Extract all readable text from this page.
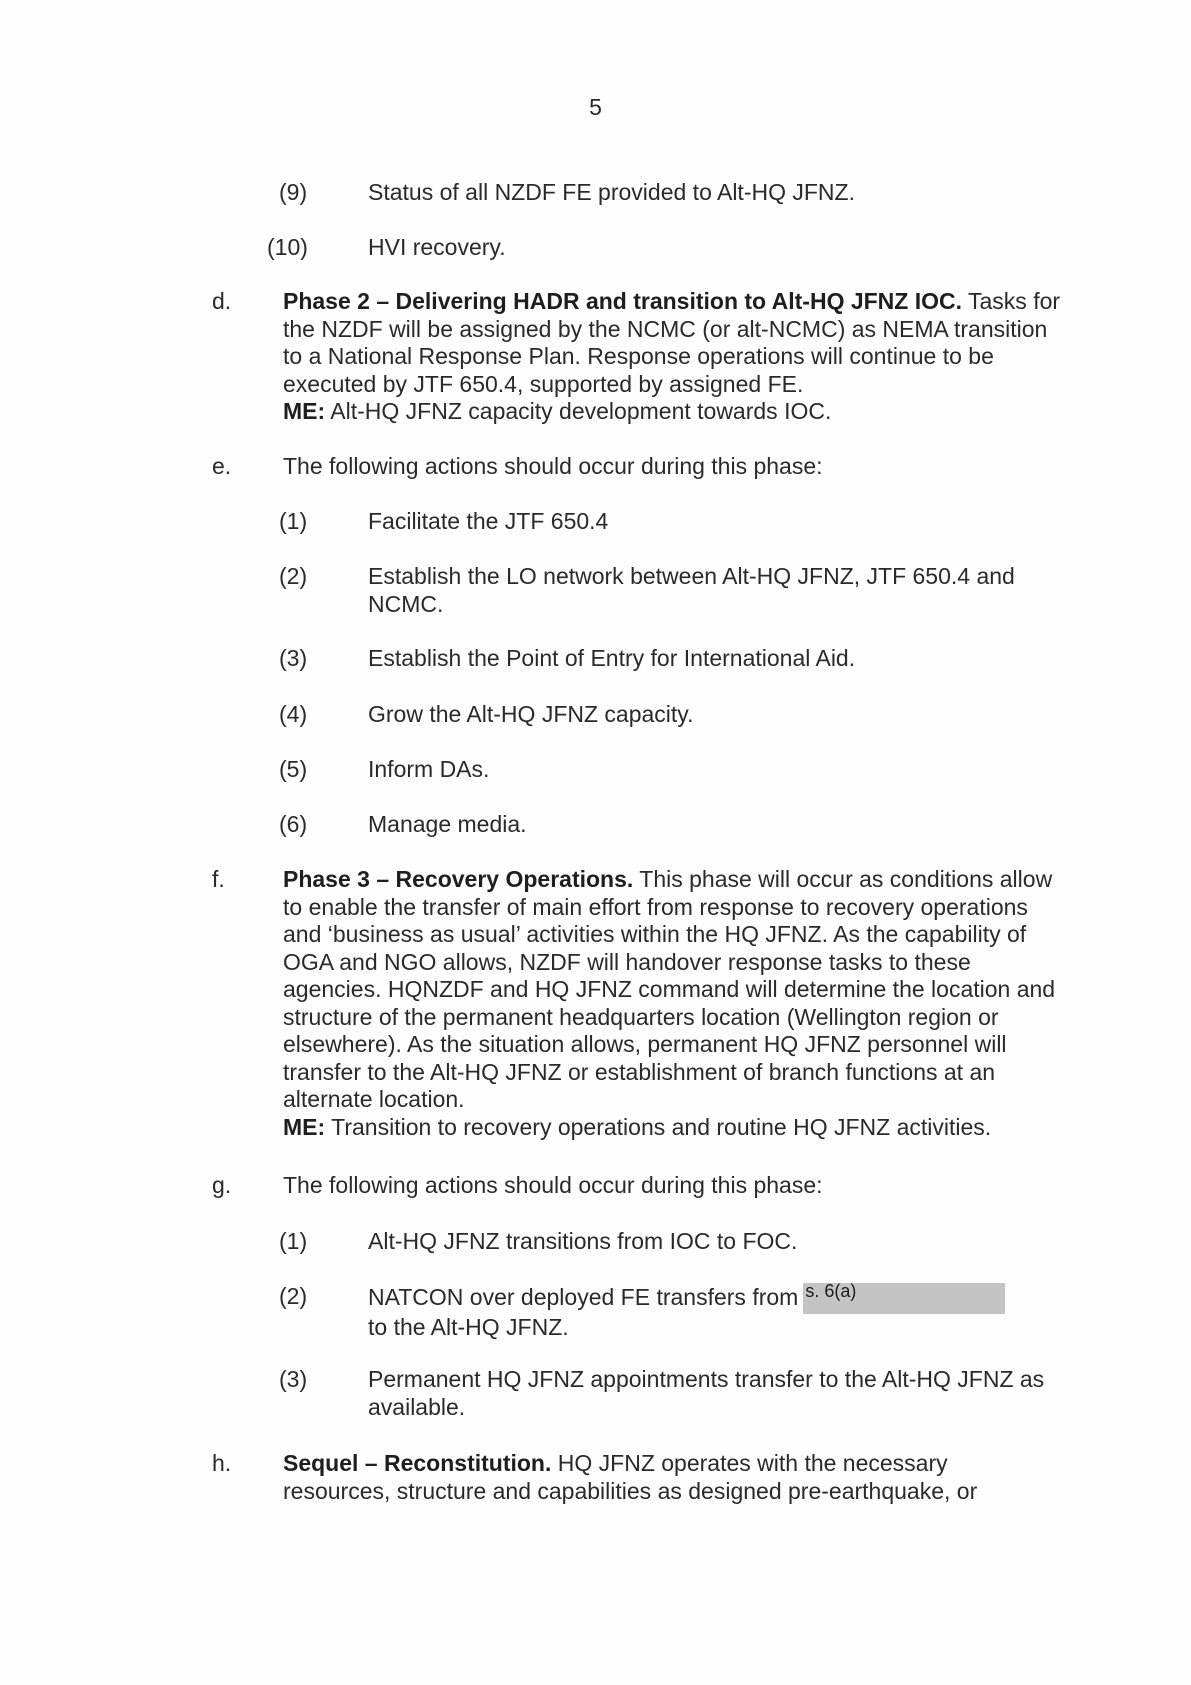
5
(9)	Status of all NZDF FE provided to Alt-HQ JFNZ.
(10)	HVI recovery.
d. Phase 2 – Delivering HADR and transition to Alt-HQ JFNZ IOC. Tasks for the NZDF will be assigned by the NCMC (or alt-NCMC) as NEMA transition to a National Response Plan. Response operations will continue to be executed by JTF 650.4, supported by assigned FE.
ME: Alt-HQ JFNZ capacity development towards IOC.
e. The following actions should occur during this phase:
(1)	Facilitate the JTF 650.4
(2)	Establish the LO network between Alt-HQ JFNZ, JTF 650.4 and NCMC.
(3)	Establish the Point of Entry for International Aid.
(4)	Grow the Alt-HQ JFNZ capacity.
(5)	Inform DAs.
(6)	Manage media.
f.	Phase 3 – Recovery Operations. This phase will occur as conditions allow to enable the transfer of main effort from response to recovery operations and ‘business as usual’ activities within the HQ JFNZ. As the capability of OGA and NGO allows, NZDF will handover response tasks to these agencies. HQNZDF and HQ JFNZ command will determine the location and structure of the permanent headquarters location (Wellington region or elsewhere). As the situation allows, permanent HQ JFNZ personnel will transfer to the Alt-HQ JFNZ or establishment of branch functions at an alternate location.
ME: Transition to recovery operations and routine HQ JFNZ activities.
g. The following actions should occur during this phase:
(1)	Alt-HQ JFNZ transitions from IOC to FOC.
(2)	NATCON over deployed FE transfers from s. 6(a)

to the Alt-HQ JFNZ.
(3)	Permanent HQ JFNZ appointments transfer to the Alt-HQ JFNZ as available.
h. Sequel – Reconstitution. HQ JFNZ operates with the necessary resources, structure and capabilities as designed pre-earthquake, or
